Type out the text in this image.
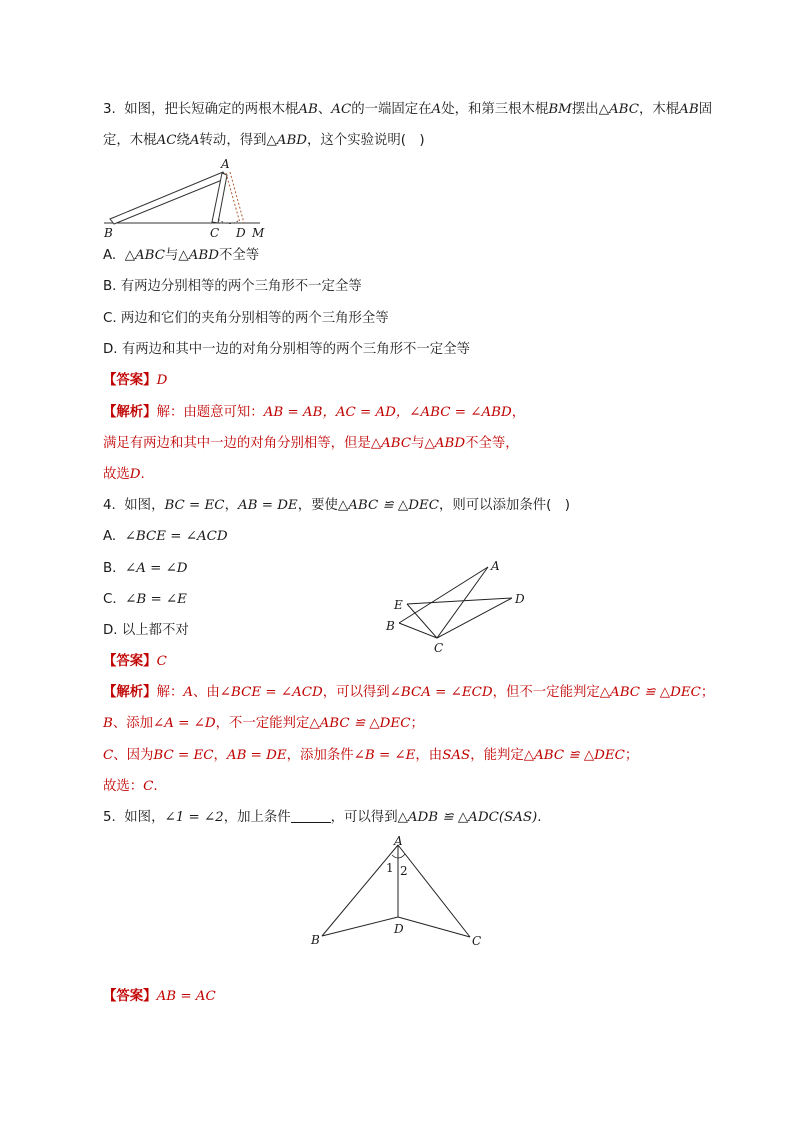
3. 如图，把长短确定的两根木棍AB、AC的一端固定在A处，和第三根木棍BM摆出△ABC，木棍AB固
定，木棍AC绕A转动，得到△ABD，这个实验说明(　)
A
B	C D M
A. △ABC与△ABD不全等
B. 有两边分别相等的两个三角形不一定全等
C. 两边和它们的夹角分别相等的两个三角形全等
D. 有两边和其中一边的对角分别相等的两个三角形不一定全等
【答案】D
【解析】解：由题意可知：AB = AB，AC = AD，∠ABC = ∠ABD，
满足有两边和其中一边的对角分别相等，但是△ABC与△ABD不全等，
故选D.
4. 如图，BC = EC，AB = DE，要使△ABC ≌ △DEC，则可以添加条件(　)
A. ∠BCE = ∠ACD
B. ∠A = ∠D
C. ∠B = ∠E
D. 以上都不对
A
B
C
D
E
【答案】C
【解析】解：A、由∠BCE = ∠ACD，可以得到∠BCA = ∠ECD，但不一定能判定△ABC ≌ △DEC；
B、添加∠A = ∠D，不一定能判定△ABC ≌ △DEC；
C、因为BC = EC，AB = DE，添加条件∠B = ∠E，由SAS，能判定△ABC ≌ △DEC；
故选：C.
5. 如图，∠1 = ∠2，加上条件	，可以得到△ADB ≌ △ADC(SAS).
A
B	C
D
1 2
【答案】AB = AC
